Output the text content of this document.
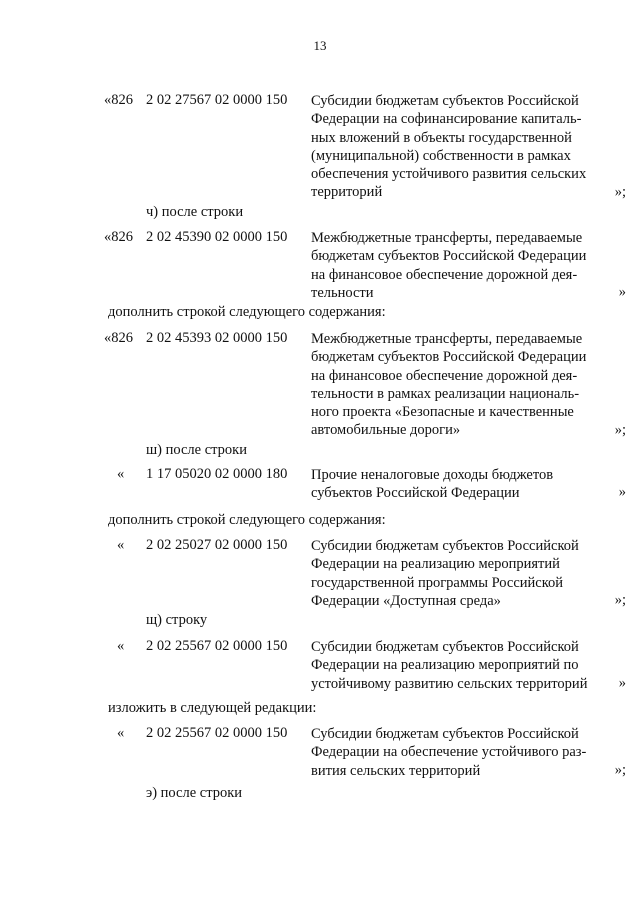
13
«826 2 02 27567 02 0000 150 Субсидии бюджетам субъектов Российской
Федерации на софинансирование капиталь-
ных вложений в объекты государственной
(муниципальной) собственности в рамках
обеспечения устойчивого развития сельских
территорий	»;
ч) после строки
«826 2 02 45390 02 0000 150 Межбюджетные трансферты, передаваемые
бюджетам субъектов Российской Федерации
на финансовое обеспечение дорожной дея-
тельности	»
дополнить строкой следующего содержания:
«826 2 02 45393 02 0000 150 Межбюджетные трансферты, передаваемые
бюджетам субъектов Российской Федерации
на финансовое обеспечение дорожной дея-
тельности в рамках реализации националь-
ного проекта «Безопасные и качественные
автомобильные дороги»	»;
ш) после строки
« 1 17 05020 02 0000 180 Прочие неналоговые доходы бюджетов
субъектов Российской Федерации	»
дополнить строкой следующего содержания:
« 2 02 25027 02 0000 150 Субсидии бюджетам субъектов Российской
Федерации на реализацию мероприятий
государственной программы Российской
Федерации «Доступная среда»	»;
щ) строку
« 2 02 25567 02 0000 150 Субсидии бюджетам субъектов Российской
Федерации на реализацию мероприятий по
устойчивому развитию сельских территорий	»
изложить в следующей редакции:
« 2 02 25567 02 0000 150 Субсидии бюджетам субъектов Российской
Федерации на обеспечение устойчивого раз-
вития сельских территорий	»;
э) после строки
